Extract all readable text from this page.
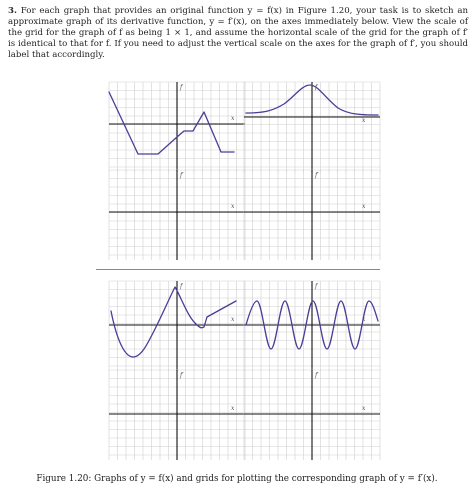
3. For each graph that provides an original function y = f(x) in Figure 1.20, your task is to sketch an approximate graph of its derivative function, y = f′(x), on the axes immediately below. View the scale of the grid for the graph of f as being 1 × 1, and assume the horizontal scale of the grid for the graph of f′ is identical to that for f. If you need to adjust the vertical scale on the axes for the graph of f′, you should label that accordingly.
f
x
f
x
f′
x
f′
x
f
x
f
x
f′
x
f′
x
Figure 1.20: Graphs of y = f(x) and grids for plotting the corresponding graph of y = f′(x).
